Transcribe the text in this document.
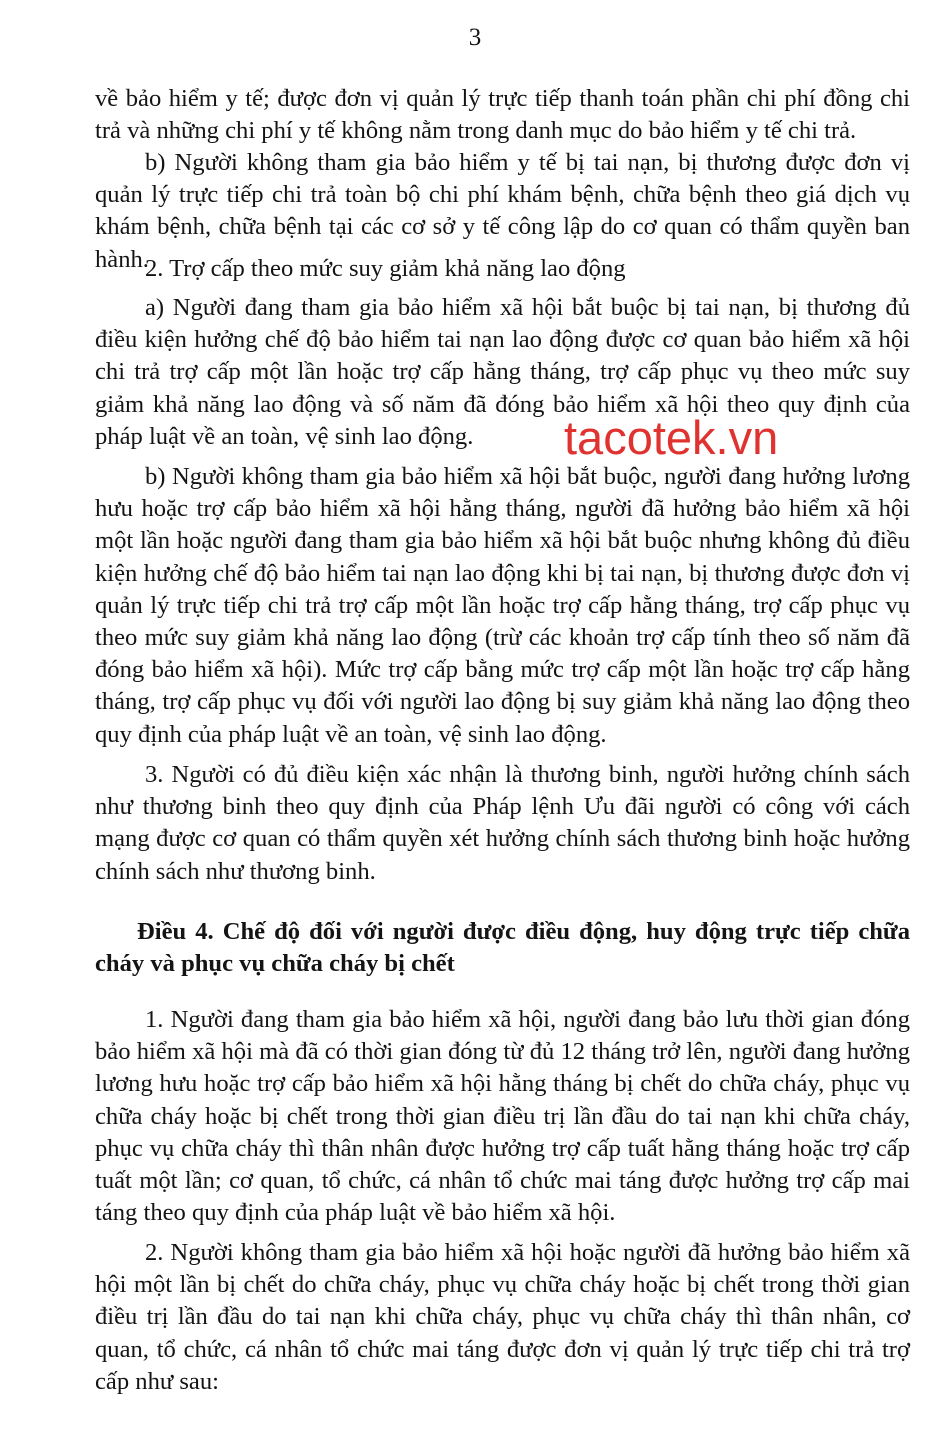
3

về bảo hiểm y tế; được đơn vị quản lý trực tiếp thanh toán phần chi phí đồng chi trả và những chi phí y tế không nằm trong danh mục do bảo hiểm y tế chi trả.

b) Người không tham gia bảo hiểm y tế bị tai nạn, bị thương được đơn vị quản lý trực tiếp chi trả toàn bộ chi phí khám bệnh, chữa bệnh theo giá dịch vụ khám bệnh, chữa bệnh tại các cơ sở y tế công lập do cơ quan có thẩm quyền ban hành.

2. Trợ cấp theo mức suy giảm khả năng lao động

a) Người đang tham gia bảo hiểm xã hội bắt buộc bị tai nạn, bị thương đủ điều kiện hưởng chế độ bảo hiểm tai nạn lao động được cơ quan bảo hiểm xã hội chi trả trợ cấp một lần hoặc trợ cấp hằng tháng, trợ cấp phục vụ theo mức suy giảm khả năng lao động và số năm đã đóng bảo hiểm xã hội theo quy định của pháp luật về an toàn, vệ sinh lao động.

b) Người không tham gia bảo hiểm xã hội bắt buộc, người đang hưởng lương hưu hoặc trợ cấp bảo hiểm xã hội hằng tháng, người đã hưởng bảo hiểm xã hội một lần hoặc người đang tham gia bảo hiểm xã hội bắt buộc nhưng không đủ điều kiện hưởng chế độ bảo hiểm tai nạn lao động khi bị tai nạn, bị thương được đơn vị quản lý trực tiếp chi trả trợ cấp một lần hoặc trợ cấp hằng tháng, trợ cấp phục vụ theo mức suy giảm khả năng lao động (trừ các khoản trợ cấp tính theo số năm đã đóng bảo hiểm xã hội). Mức trợ cấp bằng mức trợ cấp một lần hoặc trợ cấp hằng tháng, trợ cấp phục vụ đối với người lao động bị suy giảm khả năng lao động theo quy định của pháp luật về an toàn, vệ sinh lao động.

3. Người có đủ điều kiện xác nhận là thương binh, người hưởng chính sách như thương binh theo quy định của Pháp lệnh Ưu đãi người có công với cách mạng được cơ quan có thẩm quyền xét hưởng chính sách thương binh hoặc hưởng chính sách như thương binh.

Điều 4. Chế độ đối với người được điều động, huy động trực tiếp chữa cháy và phục vụ chữa cháy bị chết

1. Người đang tham gia bảo hiểm xã hội, người đang bảo lưu thời gian đóng bảo hiểm xã hội mà đã có thời gian đóng từ đủ 12 tháng trở lên, người đang hưởng lương hưu hoặc trợ cấp bảo hiểm xã hội hằng tháng bị chết do chữa cháy, phục vụ chữa cháy hoặc bị chết trong thời gian điều trị lần đầu do tai nạn khi chữa cháy, phục vụ chữa cháy thì thân nhân được hưởng trợ cấp tuất hằng tháng hoặc trợ cấp tuất một lần; cơ quan, tổ chức, cá nhân tổ chức mai táng được hưởng trợ cấp mai táng theo quy định của pháp luật về bảo hiểm xã hội.

2. Người không tham gia bảo hiểm xã hội hoặc người đã hưởng bảo hiểm xã hội một lần bị chết do chữa cháy, phục vụ chữa cháy hoặc bị chết trong thời gian điều trị lần đầu do tai nạn khi chữa cháy, phục vụ chữa cháy thì thân nhân, cơ quan, tổ chức, cá nhân tổ chức mai táng được đơn vị quản lý trực tiếp chi trả trợ cấp như sau:

tacotek.vn
